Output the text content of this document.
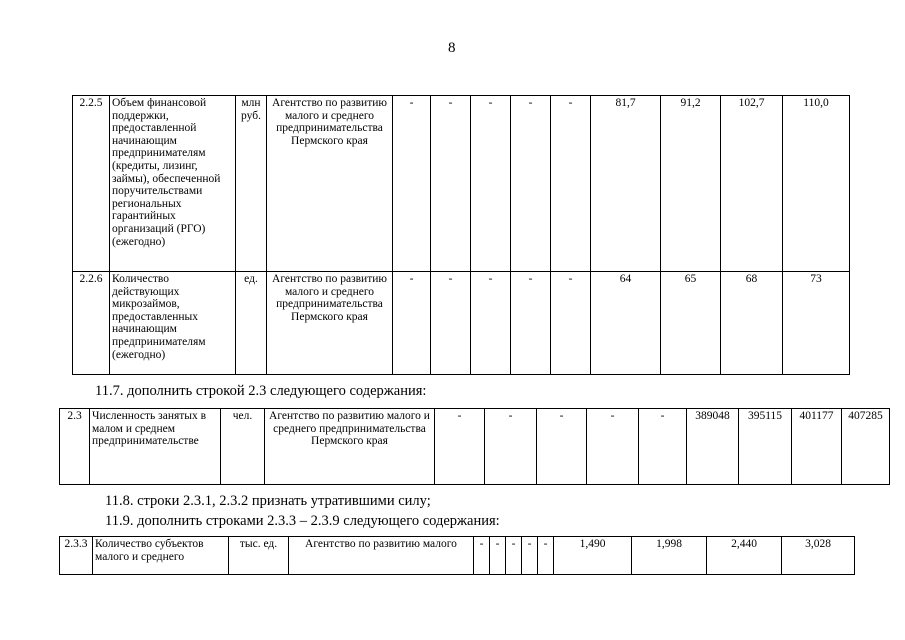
8
2.2.5	Объем финансовой поддержки, предоставленной начинающим предпринимателям (кредиты, лизинг, займы), обеспеченной поручительствами региональных гарантийных организаций (РГО) (ежегодно)	млн руб.	Агентство по развитию малого и среднего предпринимательства Пермского края	-	-	-	-	-	81,7	91,2	102,7	110,0
2.2.6	Количество действующих микрозаймов, предоставленных начинающим предпринимателям (ежегодно)	ед.	Агентство по развитию малого и среднего предпринимательства Пермского края	-	-	-	-	-	64	65	68	73
11.7. дополнить строкой 2.3 следующего содержания:
2.3	Численность занятых в малом и среднем предпринимательстве	чел.	Агентство по развитию малого и среднего предпринимательства Пермского края	-	-	-	-	-	389048	395115	401177	407285
11.8. строки 2.3.1, 2.3.2 признать утратившими силу;
11.9. дополнить строками 2.3.3 – 2.3.9 следующего содержания:
2.3.3	Количество субъектов малого и среднего	тыс. ед.	Агентство по развитию малого	-	-	-	-	-	1,490	1,998	2,440	3,028
